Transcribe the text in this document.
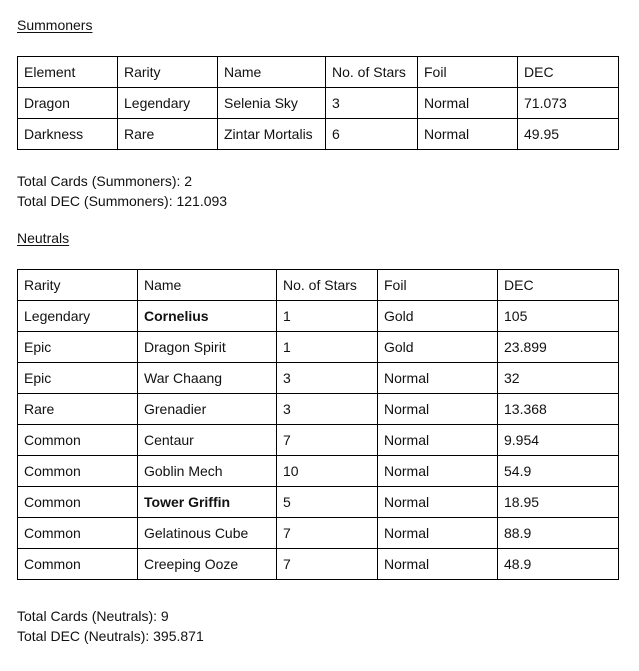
Summoners
Element	Rarity	Name	No. of Stars	Foil	DEC
Dragon	Legendary	Selenia Sky	3	Normal	71.073
Darkness	Rare	Zintar Mortalis	6	Normal	49.95
Total Cards (Summoners): 2
Total DEC (Summoners): 121.093
Neutrals
Rarity	Name	No. of Stars	Foil	DEC
Legendary	Cornelius	1	Gold	105
Epic	Dragon Spirit	1	Gold	23.899
Epic	War Chaang	3	Normal	32
Rare	Grenadier	3	Normal	13.368
Common	Centaur	7	Normal	9.954
Common	Goblin Mech	10	Normal	54.9
Common	Tower Griffin	5	Normal	18.95
Common	Gelatinous Cube	7	Normal	88.9
Common	Creeping Ooze	7	Normal	48.9
Total Cards (Neutrals): 9
Total DEC (Neutrals): 395.871
